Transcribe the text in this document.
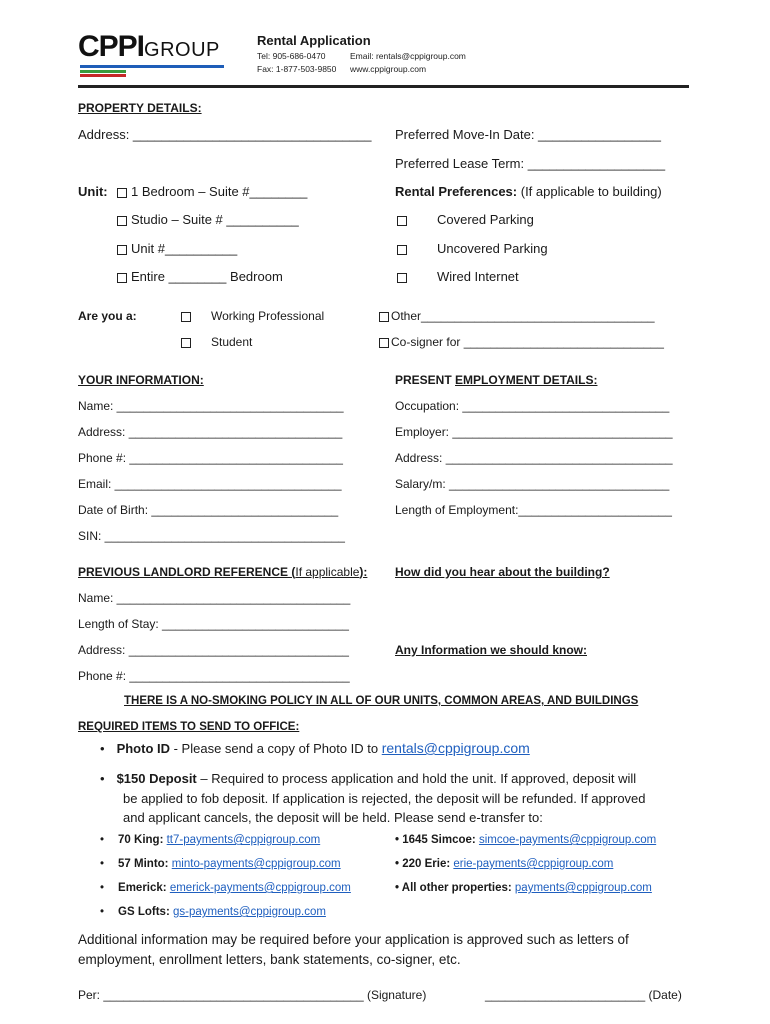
CPPIGROUP	Rental Application
Tel: 905-686-0470	Email: rentals@cppigroup.com
Fax: 1-877-503-9850 www.cppigroup.com
PROPERTY DETAILS:
Address: _________________________________ Preferred Move-In Date: _________________
Preferred Lease Term: ___________________
Unit:	1 Bedroom – Suite #________
Studio – Suite # __________
Unit #__________
Entire ________ Bedroom
Rental Preferences: (If applicable to building)
Covered Parking
Uncovered Parking
Wired Internet
Are you a:	Working Professional
Student
Other___________________________________
Co-signer for ______________________________
YOUR INFORMATION:
Name: __________________________________
Address: ________________________________
Phone #: ________________________________
Email: __________________________________
Date of Birth: ____________________________
SIN: ____________________________________
PRESENT EMPLOYMENT DETAILS:
Occupation: _______________________________
Employer: _________________________________
Address: __________________________________
Salary/m: _________________________________
Length of Employment:_______________________
PREVIOUS LANDLORD REFERENCE (If applicable):
Name: ___________________________________
Length of Stay: ____________________________
Address: _________________________________
Phone #: _________________________________
How did you hear about the building?
Any Information we should know:
THERE IS A NO-SMOKING POLICY IN ALL OF OUR UNITS, COMMON AREAS, AND BUILDINGS
REQUIRED ITEMS TO SEND TO OFFICE:
• Photo ID - Please send a copy of Photo ID to rentals@cppigroup.com
• $150 Deposit – Required to process application and hold the unit. If approved, deposit will
be applied to fob deposit. If application is rejected, the deposit will be refunded. If approved
and applicant cancels, the deposit will be held. Please send e-transfer to:
• 70 King: tt7-payments@cppigroup.com
• 57 Minto: minto-payments@cppigroup.com
• Emerick: emerick-payments@cppigroup.com
• GS Lofts: gs-payments@cppigroup.com
• 1645 Simcoe: simcoe-payments@cppigroup.com
• 220 Erie: erie-payments@cppigroup.com
• All other properties: payments@cppigroup.com
Additional information may be required before your application is approved such as letters of
employment, enrollment letters, bank statements, co-signer, etc.
Per: _______________________________________ (Signature)	________________________ (Date)
